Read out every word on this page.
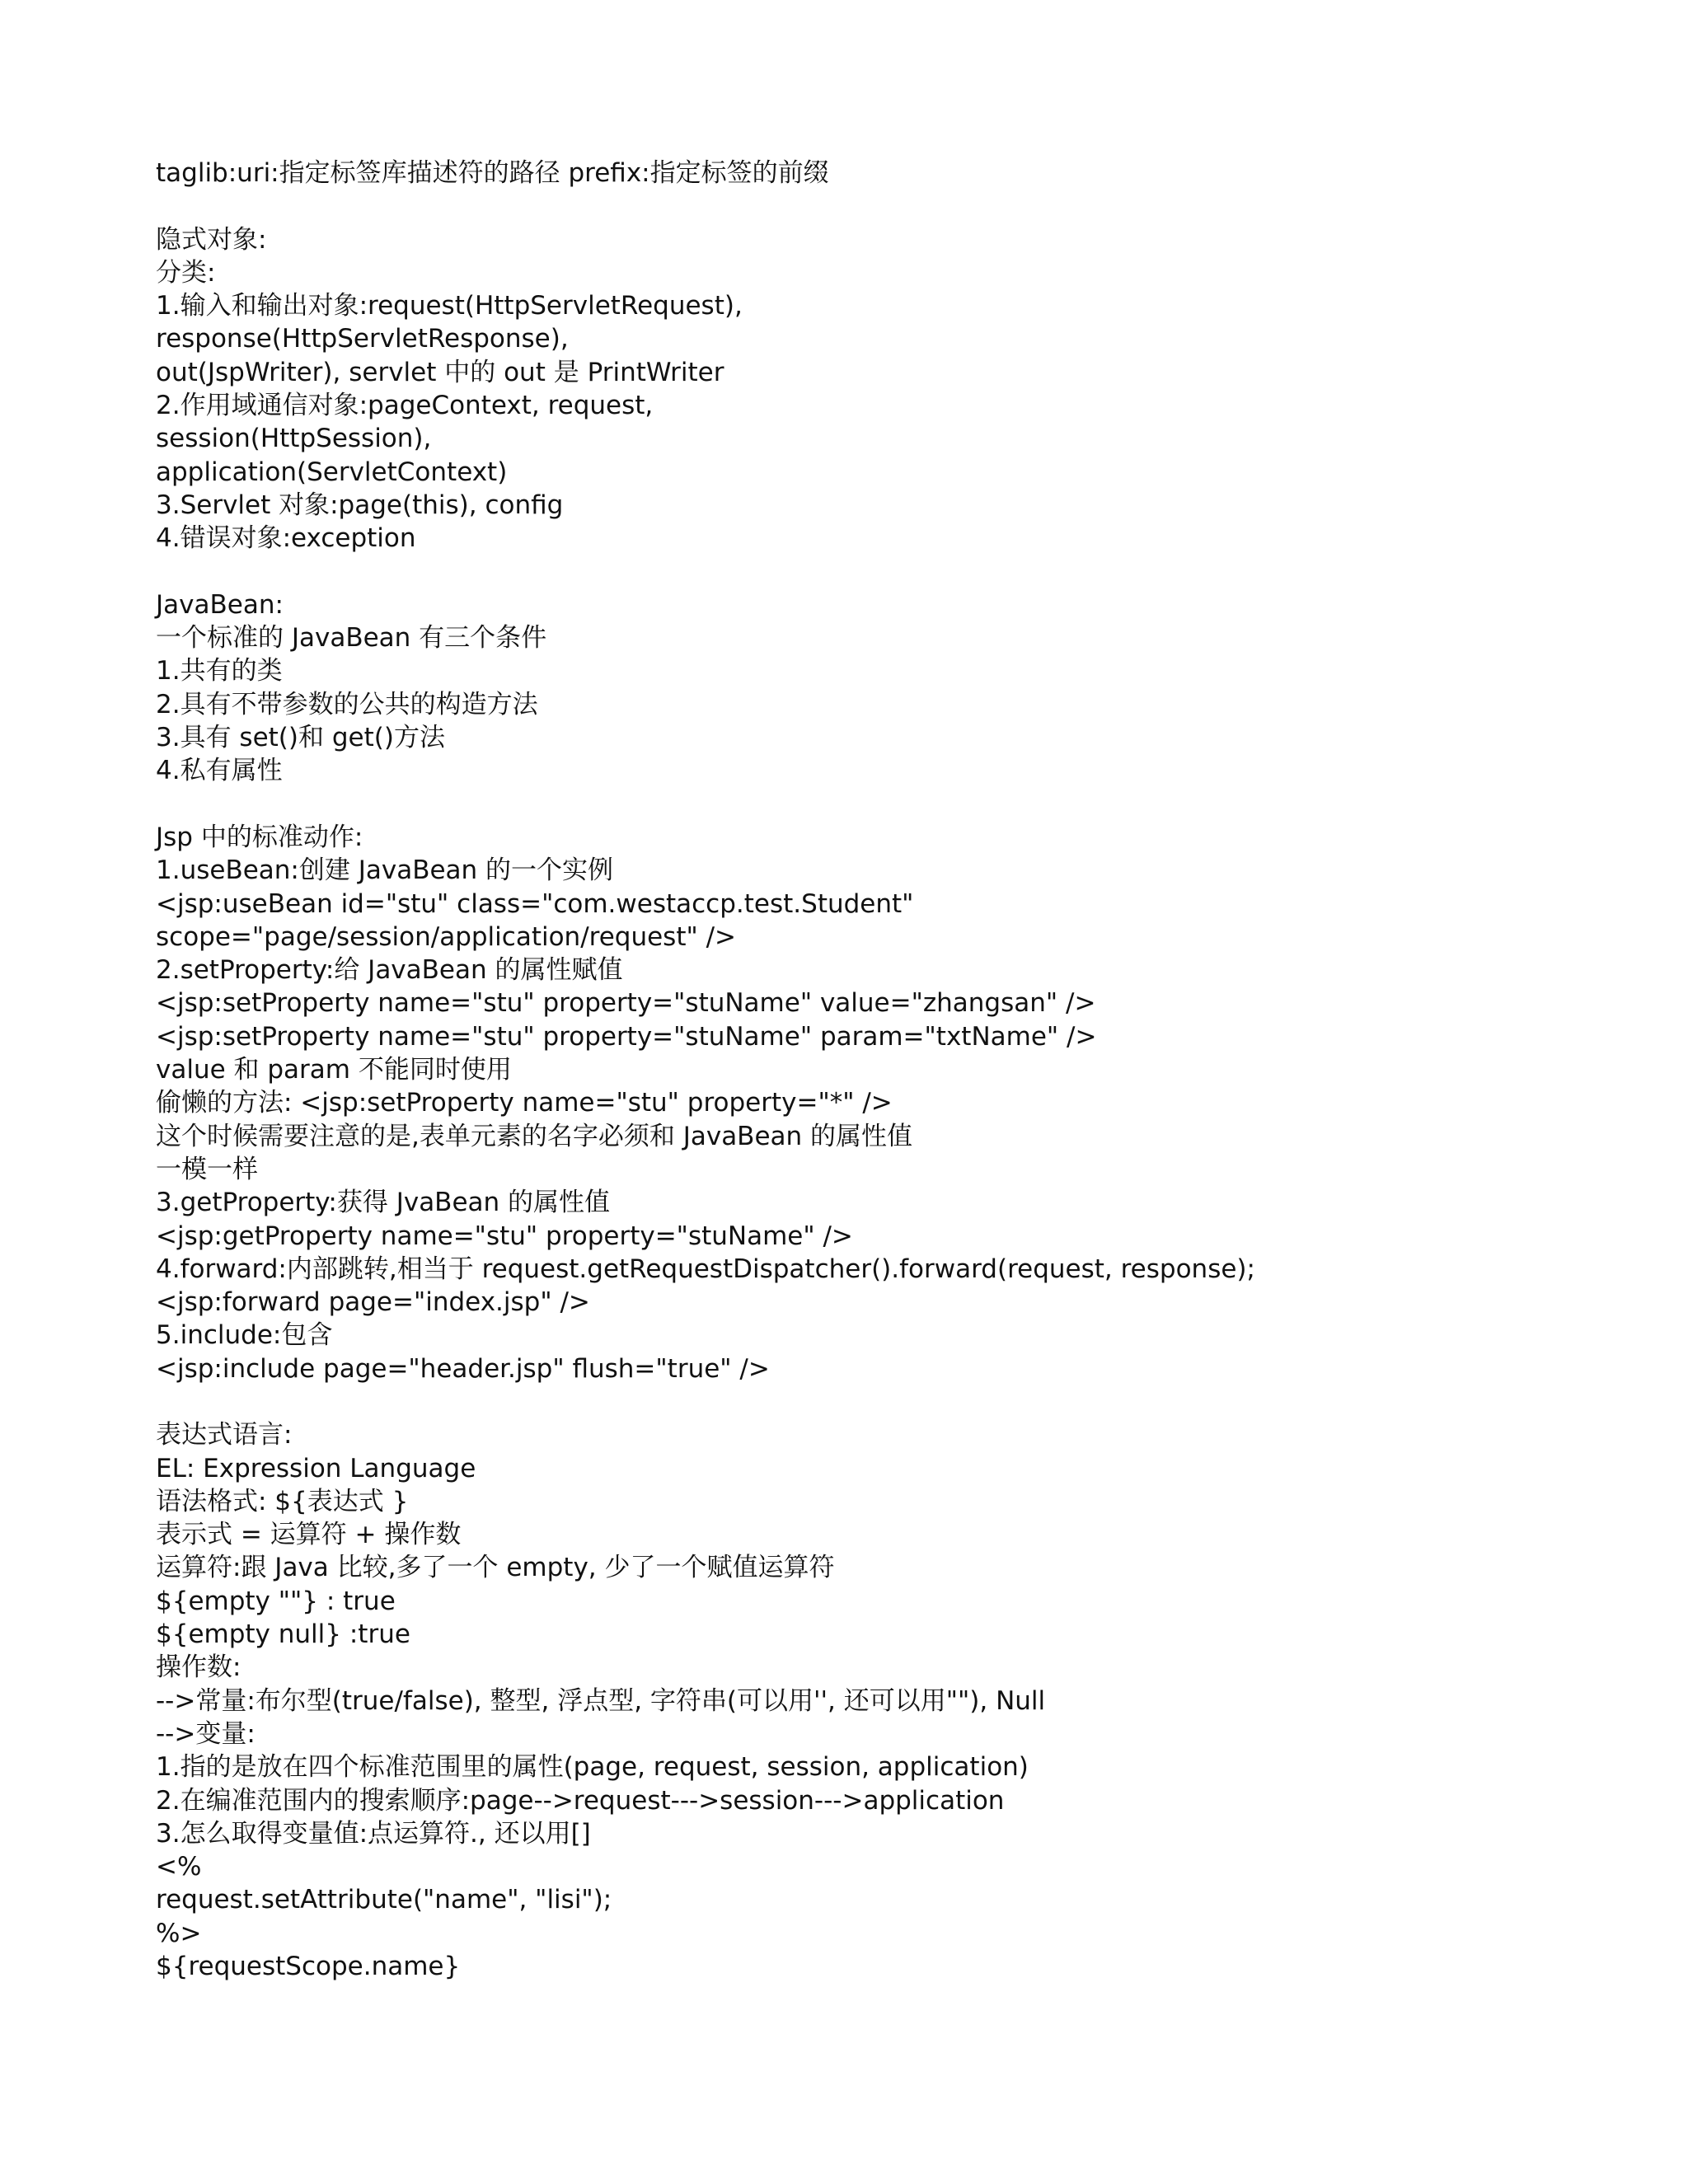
taglib:uri:指定标签库描述符的路径 prefix:指定标签的前缀
隐式对象:
分类:
1.输入和输出对象:request(HttpServletRequest),
response(HttpServletResponse),
out(JspWriter), servlet 中的 out 是 PrintWriter
2.作用域通信对象:pageContext, request,
session(HttpSession),
application(ServletContext)
3.Servlet 对象:page(this), config
4.错误对象:exception
JavaBean:
一个标准的 JavaBean 有三个条件
1.共有的类
2.具有不带参数的公共的构造方法
3.具有 set()和 get()方法
4.私有属性
Jsp 中的标准动作:
1.useBean:创建 JavaBean 的一个实例
<jsp:useBean id="stu" class="com.westaccp.test.Student"
scope="page/session/application/request" />
2.setProperty:给 JavaBean 的属性赋值
<jsp:setProperty name="stu" property="stuName" value="zhangsan" />
<jsp:setProperty name="stu" property="stuName" param="txtName" />
value 和 param 不能同时使用
偷懒的方法: <jsp:setProperty name="stu" property="*" />
这个时候需要注意的是,表单元素的名字必须和 JavaBean 的属性值
一模一样
3.getProperty:获得 JvaBean 的属性值
<jsp:getProperty name="stu" property="stuName" />
4.forward:内部跳转,相当于 request.getRequestDispatcher().forward(request, response);
<jsp:forward page="index.jsp" />
5.include:包含
<jsp:include page="header.jsp" flush="true" />
表达式语言:
EL: Expression Language
语法格式: ${表达式 }
表示式 = 运算符 + 操作数
运算符:跟 Java 比较,多了一个 empty, 少了一个赋值运算符
${empty ""} : true
${empty null} :true
操作数:
-->常量:布尔型(true/false), 整型, 浮点型, 字符串(可以用'', 还可以用""), Null
-->变量:
1.指的是放在四个标准范围里的属性(page, request, session, application)
2.在编准范围内的搜索顺序:page-->request--->session--->application
3.怎么取得变量值:点运算符., 还以用[]
<%
request.setAttribute("name", "lisi");
%>
${requestScope.name}
